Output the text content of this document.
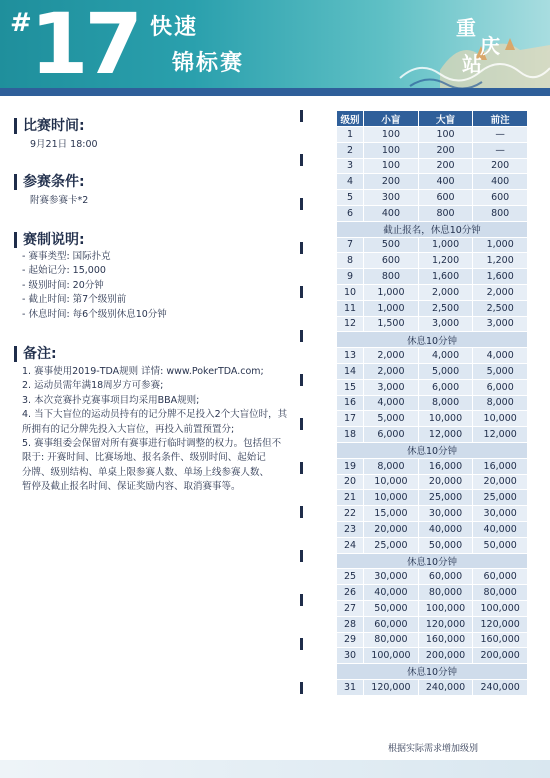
#
17 快速
锦标赛
重
庆
站
比赛时间:
9月21日 18:00
参赛条件:
附赛参赛卡*2
赛制说明:
- 赛事类型: 国际扑克
- 起始记分: 15,000
- 级别时间: 20分钟
- 截止时间: 第7个级别前
- 休息时间: 每6个级别休息10分钟
备注:
1. 赛事使用2019-TDA规则 详情: www.PokerTDA.com;
2. 运动员需年满18周岁方可参赛;
3. 本次竞赛扑克赛事项目均采用BBA规则;
4. 当下大盲位的运动员持有的记分牌不足投入2个大盲位时，其
所拥有的记分牌先投入大盲位，再投入前置预置分;
5. 赛事组委会保留对所有赛事进行临时调整的权力。包括但不
限于: 开赛时间、比赛场地、报名条件、级别时间、起始记
分牌、级别结构、单桌上限参赛人数、单场上线参赛人数、
暂停及截止报名时间、保证奖励内容、取消赛事等。
级别	小盲	大盲	前注
1	100	100	—
2	100	200	—
3	100	200	200
4	200	400	400
5	300	600	600
6	400	800	800
截止报名，休息10分钟			
7	500	1,000	1,000
8	600	1,200	1,200
9	800	1,600	1,600
10	1,000	2,000	2,000
11	1,000	2,500	2,500
12	1,500	3,000	3,000
休息10分钟			
13	2,000	4,000	4,000
14	2,000	5,000	5,000
15	3,000	6,000	6,000
16	4,000	8,000	8,000
17	5,000	10,000	10,000
18	6,000	12,000	12,000
休息10分钟			
19	8,000	16,000	16,000
20	10,000	20,000	20,000
21	10,000	25,000	25,000
22	15,000	30,000	30,000
23	20,000	40,000	40,000
24	25,000	50,000	50,000
休息10分钟			
25	30,000	60,000	60,000
26	40,000	80,000	80,000
27	50,000	100,000	100,000
28	60,000	120,000	120,000
29	80,000	160,000	160,000
30	100,000	200,000	200,000
休息10分钟			
31	120,000	240,000	240,000
根据实际需求增加级别
